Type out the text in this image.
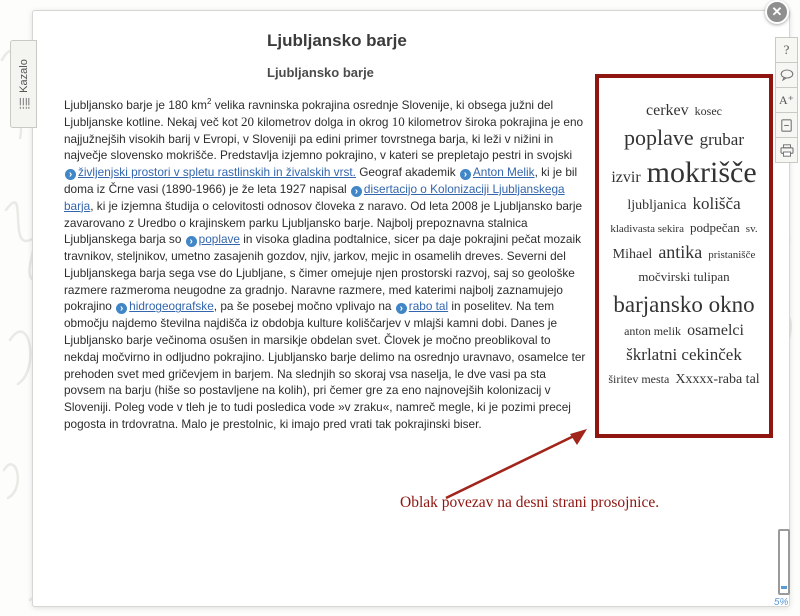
Kazalo
Ljubljansko barje
Ljubljansko barje

Ljubljansko barje je 180 $km^2$ velika ravninska pokrajina osrednje Slovenije, ki obsega južni del Ljubljanske kotline. Nekaj več kot 20 kilometrov dolga in okrog 10 kilometrov široka pokrajina je eno najjužnejših visokih barij v Evropi, v Sloveniji pa edini primer tovrstnega barja, ki leži v nižini in največje slovensko mokrišče. Predstavlja izjemno pokrajino, v kateri se prepletajo pestri in svojski › življenjski prostori v spletu rastlinskih in živalskih vrst. Geograf akademik › Anton Melik, ki je bil doma iz Črne vasi (1890-1966) je že leta 1927 napisal › disertacijo o Kolonizaciji Ljubljanskega barja, ki je izjemna študija o celovitosti odnosov človeka z naravo. Od leta 2008 je Ljubljansko barje zavarovano z Uredbo o krajinskem parku Ljubljansko barje. Najbolj prepoznavna stalnica Ljubljanskega barja so › poplave in visoka gladina podtalnice, sicer pa daje pokrajini pečat mozaik travnikov, steljnikov, umetno zasajenih gozdov, njiv, jarkov, mejic in osamelih dreves. Severni del Ljubljanskega barja sega vse do Ljubljane, s čimer omejuje njen prostorski razvoj, saj so geološke razmere razmeroma neugodne za gradnjo. Naravne razmere, med katerimi najbolj zaznamujejo pokrajino › hidrogeografske, pa še posebej močno vplivajo na › rabo tal in poselitev. Na tem območju najdemo številna najdišča iz obdobja kulture koliščarjev v mlajši kamni dobi. Danes je Ljubljansko barje večinoma osušen in marsikje obdelan svet. Človek je močno preoblikoval to nekdaj močvirno in odljudno pokrajino. Ljubljansko barje delimo na osrednjo uravnavo, osamelce ter prehoden svet med gričevjem in barjem. Na slednjih so skoraj vsa naselja, le dve vasi pa sta povsem na barju (hiše so postavljene na kolih), pri čemer gre za eno najnovejših kolonizacij v Sloveniji. Poleg vode v tleh je to tudi posledica vode »v zraku«, namreč megle, ki je pozimi precej pogosta in trdovratna. Malo je prestolnic, ki imajo pred vrati tak pokrajinski biser.

cerkev kosec
poplave grubar
izvir mokrišče
ljubljanica kolišča
kladivasta sekira podpečan sv.
Mihael antika pristanišče
močvirski tulipan
barjansko okno
anton melik osamelci
škrlatni cekinček
širitev mesta Xxxxx-raba tal
✕
?
A⁺
Oblak povezav na desni strani prosojnice.
5%
